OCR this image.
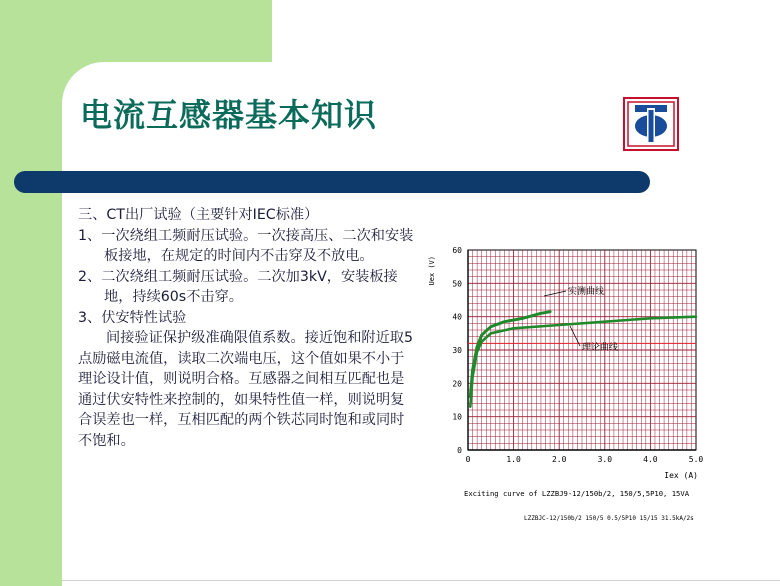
电流互感器基本知识

三、CT出厂试验（主要针对IEC标准）

1、一次绕组工频耐压试验。一次接高压、二次和安装板接地，在规定的时间内不击穿及不放电。

2、二次绕组工频耐压试验。二次加3kV，安装板接地，持续60s不击穿。

3、伏安特性试验

间接验证保护级准确限值系数。接近饱和附近取5点励磁电流值，读取二次端电压，这个值如果不小于理论设计值，则说明合格。互感器之间相互匹配也是通过伏安特性来控制的，如果特性值一样，则说明复合误差也一样，互相匹配的两个铁芯同时饱和或同时不饱和。

0	1.0	2.0	3.0	4.0	5.0
0
10
20
30
40
50
60
Uex (V)
Iex (A)
实测曲线
理论曲线
Exciting curve of LZZBJ9-12/150b/2, 150/5,5P10, 15VA
LZZBJC-12/150b/2 150/5 0.5/5P10 15/15 31.5kA/2s
